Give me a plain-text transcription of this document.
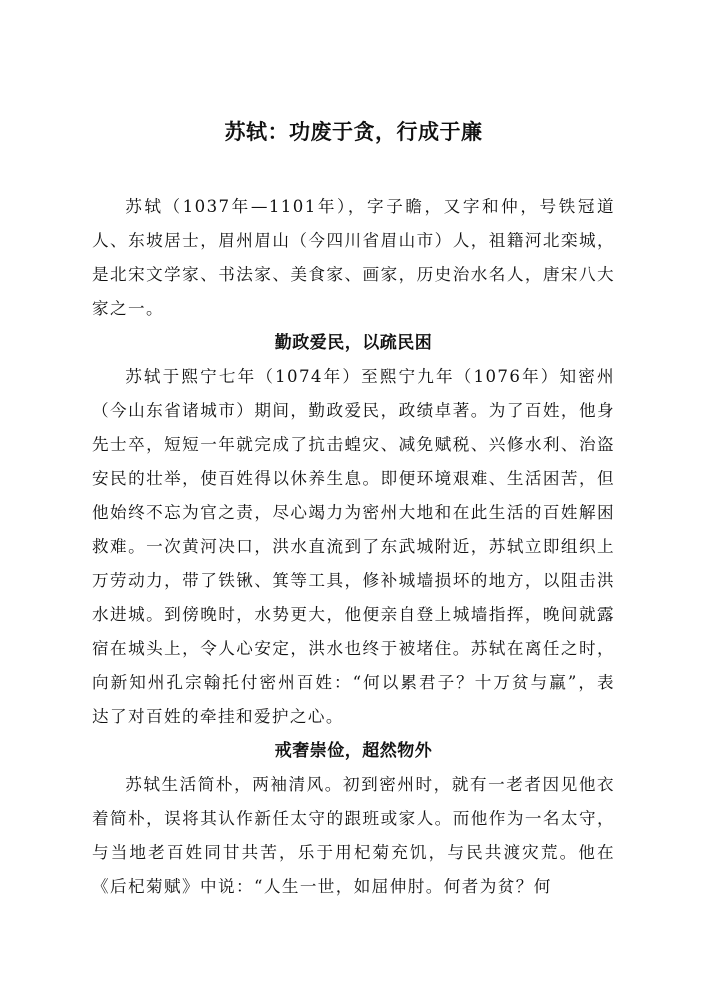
苏轼：功废于贪，行成于廉

苏轼（1037年—1101年），字子瞻，又字和仲，号铁冠道人、东坡居士，眉州眉山（今四川省眉山市）人，祖籍河北栾城，是北宋文学家、书法家、美食家、画家，历史治水名人，唐宋八大家之一。

勤政爱民，以疏民困

苏轼于熙宁七年（1074年）至熙宁九年（1076年）知密州（今山东省诸城市）期间，勤政爱民，政绩卓著。为了百姓，他身先士卒，短短一年就完成了抗击蝗灾、减免赋税、兴修水利、治盗安民的壮举，使百姓得以休养生息。即便环境艰难、生活困苦，但他始终不忘为官之责，尽心竭力为密州大地和在此生活的百姓解困救难。一次黄河决口，洪水直流到了东武城附近，苏轼立即组织上万劳动力，带了铁锹、箕等工具，修补城墙损坏的地方，以阻击洪水进城。到傍晚时，水势更大，他便亲自登上城墙指挥，晚间就露宿在城头上，令人心安定，洪水也终于被堵住。苏轼在离任之时，向新知州孔宗翰托付密州百姓：“何以累君子？十万贫与羸”，表达了对百姓的牵挂和爱护之心。

戒奢崇俭，超然物外

苏轼生活简朴，两袖清风。初到密州时，就有一老者因见他衣着简朴，误将其认作新任太守的跟班或家人。而他作为一名太守，与当地老百姓同甘共苦，乐于用杞菊充饥，与民共渡灾荒。他在《后杞菊赋》中说：“人生一世，如屈伸肘。何者为贫？何
